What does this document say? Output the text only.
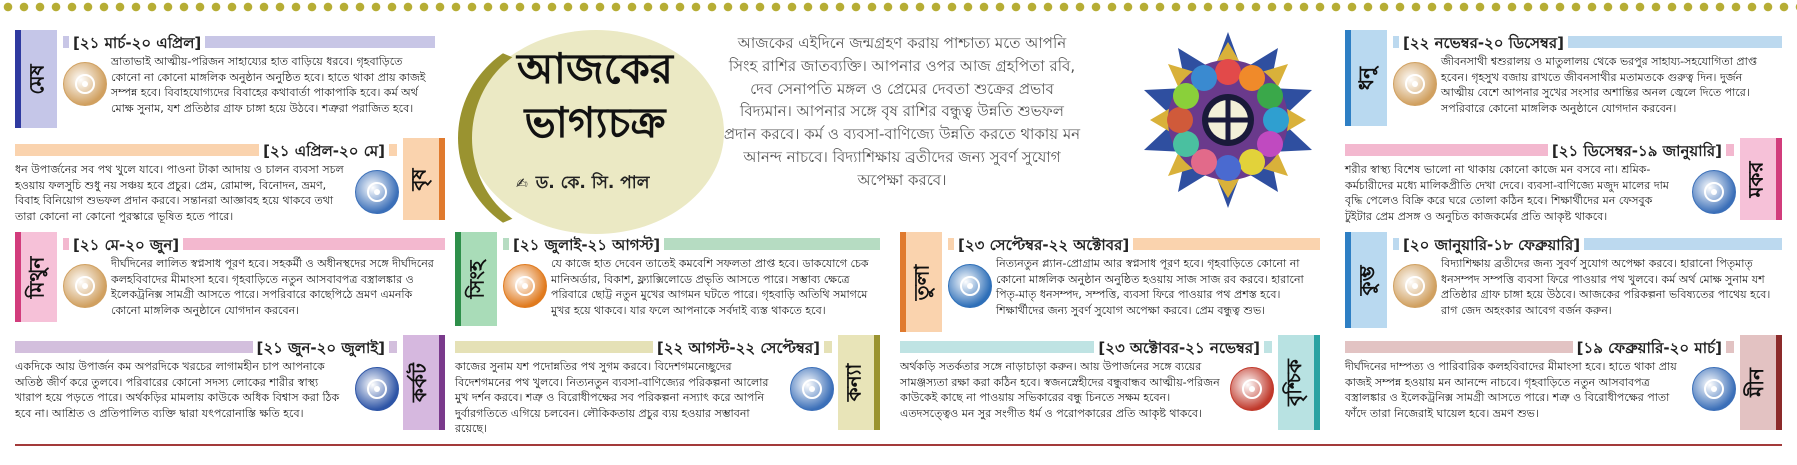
আজকের
ভাগ্যচক্র
✍ ড. কে. সি. পাল
আজকের এইদিনে জন্মগ্রহণ করায় পাশ্চাত্য মতে আপনি সিংহ রাশির জাতব্যক্তি। আপনার ওপর আজ গ্রহপিতা রবি, দেব সেনাপতি মঙ্গল ও প্রেমের দেবতা শুক্রের প্রভাব বিদ্যমান। আপনার সঙ্গে বৃষ রাশির বন্ধুত্ব উন্নতি শুভফল প্রদান করবে। কর্ম ও ব্যবসা-বাণিজ্যে উন্নতি করতে থাকায় মন আনন্দ নাচবে। বিদ্যাশিক্ষায় ব্রতীদের জন্য সুবর্ণ সুযোগ অপেক্ষা করবে।
মেষ
[২১ মার্চ-২০ এপ্রিল]
ভ্রাতাভাই আত্মীয়-পরিজন সাহায্যের হাত বাড়িয়ে ধরবে। গৃহবাড়িতে কোনো না কোনো মাঙ্গলিক অনুষ্ঠান অনুষ্ঠিত হবে। হাতে থাকা প্রায় কাজই সম্পন্ন হবে। বিবাহযোগ্যদের বিবাহের কথাবার্তা পাকাপাকি হবে। কর্ম অর্থ মোক্ষ সুনাম, যশ প্রতিষ্ঠার গ্রাফ চাঙ্গা হয়ে উঠবে। শত্রুরা পরাজিত হবে।
বৃষ
[২১ এপ্রিল-২০ মে]
ধন উপার্জনের সব পথ খুলে যাবে। পাওনা টাকা আদায় ও চালন ব্যবসা সচল হওয়ায় ফলসুচি শুধু নয় সঞ্চয় হবে প্রচুর। প্রেম, রোমান্স, বিনোদন, ভ্রমণ, বিবাহ বিনিয়োগ শুভফল প্রদান করবে। সন্তানরা আজ্ঞাবহ হয়ে থাকবে তথা তারা কোনো না কোনো পুরস্কারে ভূষিত হতে পারে।
মিথুন
[২১ মে-২০ জুন]
দীর্ঘদিনের লালিত স্বপ্নসাধ পূরণ হবে। সহকর্মী ও অধীনস্থদের সঙ্গে দীর্ঘদিনের কলহবিবাদের মীমাংসা হবে। গৃহবাড়িতে নতুন আসবাবপত্র বস্ত্রালঙ্কার ও ইলেকট্রনিক্স সামগ্রী আসতে পারে। সপরিবারে কাছেপিঠে ভ্রমণ এমনকি কোনো মাঙ্গলিক অনুষ্ঠানে যোগদান করবেন।
কর্কট
[২১ জুন-২০ জুলাই]
একদিকে আয় উপার্জন কম অপরদিকে খরচের লাগামহীন চাপ আপনাকে অতিষ্ঠ জীর্ণ করে তুলবে। পরিবারের কোনো সদস্য লোকের শারীর স্বাস্থ্য খারাপ হয়ে পড়তে পারে। অর্থকড়ির মামলায় কাউকে অধিক বিশ্বাস করা ঠিক হবে না। আশ্রিত ও প্রতিপালিত ব্যক্তি দ্বারা যৎপরোনাস্তি ক্ষতি হবে।
সিংহ
[২১ জুলাই-২১ আগস্ট]
যে কাজে হাত দেবেন তাতেই কমবেশি সফলতা প্রাপ্ত হবে। ডাকযোগে চেক মানিঅর্ডার, বিকাশ, ফ্ল্যাক্সিলোডে প্রভৃতি আসতে পারে। সম্ভাব্য ক্ষেত্রে পরিবারে ছোট্ট নতুন মুখের আগমন ঘটতে পারে। গৃহবাড়ি অতিথি সমাগমে মুখর হয়ে থাকবে। যার ফলে আপনাকে সর্বদাই ব্যস্ত থাকতে হবে।
কন্যা
[২২ আগস্ট-২২ সেপ্টেম্বর]
কাজের সুনাম যশ পদোন্নতির পথ সুগম করবে। বিদেশগমনেচ্ছুদের বিদেশগমনের পথ খুলবে। নিত্যনতুন ব্যবসা-বাণিজ্যের পরিকল্পনা আলোর মুখ দর্শন করবে। শত্রু ও বিরোধীপক্ষের সব পরিকল্পনা নস্যাৎ করে আপনি দুর্বারগতিতে এগিয়ে চলবেন। লৌকিকতায় প্রচুর ব্যয় হওয়ার সম্ভাবনা রয়েছে।
তুলা
[২৩ সেপ্টেম্বর-২২ অক্টোবর]
নিত্যনতুন প্ল্যান-প্রোগ্রাম আর স্বপ্নসাধ পূরণ হবে। গৃহবাড়িতে কোনো না কোনো মাঙ্গলিক অনুষ্ঠান অনুষ্ঠিত হওয়ায় সাজ সাজ রব করবে। হারানো পিতৃ-মাতৃ ধনসম্পদ, সম্পত্তি, ব্যবসা ফিরে পাওয়ার পথ প্রশস্ত হবে। শিক্ষার্থীদের জন্য সুবর্ণ সুযোগ অপেক্ষা করবে। প্রেম বন্ধুত্ব শুভ।
বৃশ্চিক
[২৩ অক্টোবর-২১ নভেম্বর]
অর্থকড়ি সতর্কতার সঙ্গে নাড়াচাড়া করুন। আয় উপার্জনের সঙ্গে ব্যয়ের সামঞ্জস্যতা রক্ষা করা কঠিন হবে। স্বজনস্নেহীদের বন্ধুবান্ধব আত্মীয়-পরিজন কাউকেই কাছে না পাওয়ায় সভিকারের বন্ধু চিনতে সক্ষম হবেন। এতদসত্ত্বেও মন সুর সংগীত ধর্ম ও পরোপকারের প্রতি আকৃষ্ট থাকবে।
ধনু
[২২ নভেম্বর-২০ ডিসেম্বর]
জীবনসাথী শ্বশুরালয় ও মাতুলালয় থেকে ভরপুর সাহায্য-সহযোগিতা প্রাপ্ত হবেন। গৃহসুখ বজায় রাখতে জীবনসাথীর মতামতকে গুরুত্ব দিন। দুর্জন আত্মীয় বেশে আপনার সুখের সংসার অশান্তির অনল জ্বেলে দিতে পারে। সপরিবারে কোনো মাঙ্গলিক অনুষ্ঠানে যোগদান করবেন।
মকর
[২১ ডিসেম্বর-১৯ জানুয়ারি]
শরীর স্বাস্থ্য বিশেষ ভালো না থাকায় কোনো কাজে মন বসবে না। শ্রমিক-কর্মচারীদের মধ্যে মালিকপ্রীতি দেখা দেবে। ব্যবসা-বাণিজ্যে মজুদ মালের দাম বৃদ্ধি পেলেও বিক্রি করে ঘরে তোলা কঠিন হবে। শিক্ষার্থীদের মন ফেসবুক টুইটার প্রেম প্রসঙ্গ ও অনুচিত কাজকর্মের প্রতি আকৃষ্ট থাকবে।
কুম্ভ
[২০ জানুয়ারি-১৮ ফেব্রুয়ারি]
বিদ্যাশিক্ষায় ব্রতীদের জন্য সুবর্ণ সুযোগ অপেক্ষা করবে। হারানো পিতৃমাতৃ ধনসম্পদ সম্পত্তি ব্যবসা ফিরে পাওয়ার পথ খুলবে। কর্ম অর্থ মোক্ষ সুনাম যশ প্রতিষ্ঠার গ্রাফ চাঙ্গা হয়ে উঠবে। আজকের পরিকল্পনা ভবিষ্যতের পাথেয় হবে। রাগ জেদ অহংকার আবেগ বর্জন করুন।
মীন
[১৯ ফেব্রুয়ারি-২০ মার্চ]
দীর্ঘদিনের দাম্পত্য ও পারিবারিক কলহবিবাদের মীমাংসা হবে। হাতে থাকা প্রায় কাজই সম্পন্ন হওয়ায় মন আনন্দে নাচবে। গৃহবাড়িতে নতুন আসবাবপত্র বস্ত্রালঙ্কার ও ইলেকট্রনিক্স সামগ্রী আসতে পারে। শত্রু ও বিরোধীপক্ষের পাতা ফাঁদে তারা নিজেরাই ঘায়েল হবে। ভ্রমণ শুভ।
